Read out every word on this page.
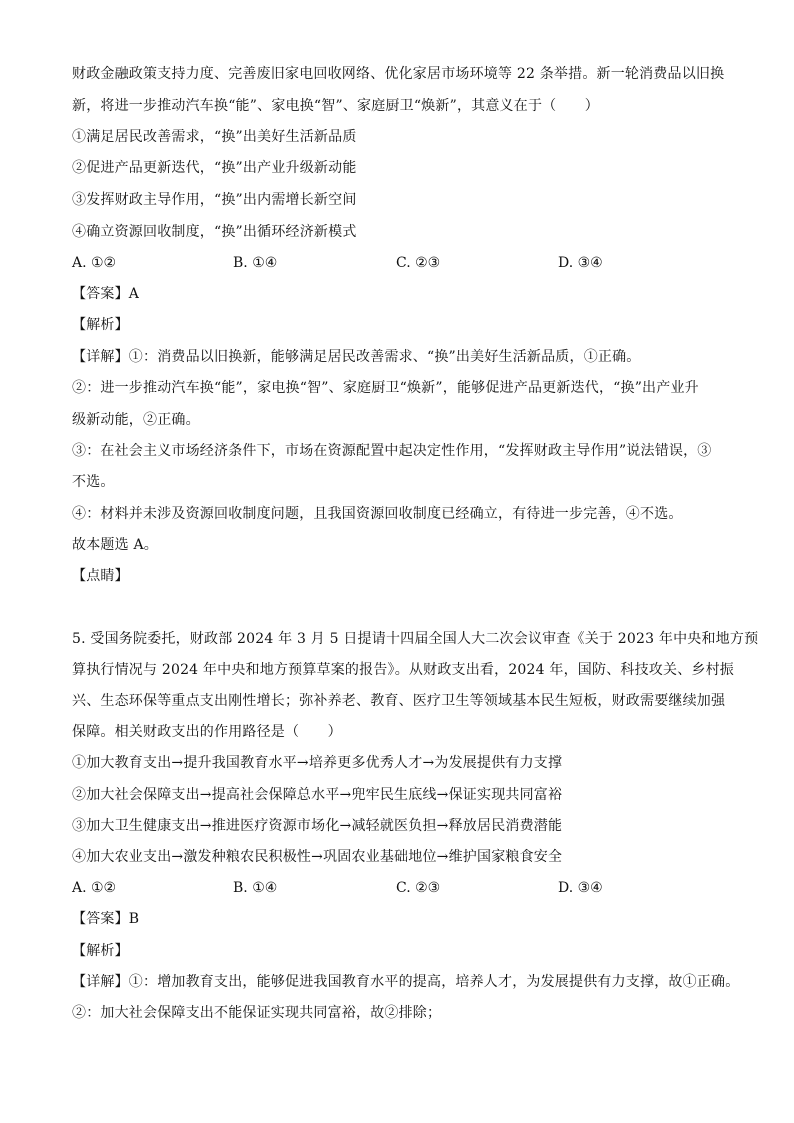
财政金融政策支持力度、完善废旧家电回收网络、优化家居市场环境等 22 条举措。新一轮消费品以旧换
新，将进一步推动汽车换“能”、家电换“智”、家庭厨卫“焕新”，其意义在于（　　）
①满足居民改善需求，“换”出美好生活新品质
②促进产品更新迭代，“换”出产业升级新动能
③发挥财政主导作用，“换”出内需增长新空间
④确立资源回收制度，“换”出循环经济新模式
A. ①②	B. ①④	C. ②③	D. ③④
【答案】A
【解析】
【详解】①：消费品以旧换新，能够满足居民改善需求、“换”出美好生活新品质，①正确。
②：进一步推动汽车换“能”，家电换“智”、家庭厨卫“焕新”，能够促进产品更新迭代，“换”出产业升
级新动能，②正确。
③：在社会主义市场经济条件下，市场在资源配置中起决定性作用，“发挥财政主导作用”说法错误，③
不选。
④：材料并未涉及资源回收制度问题，且我国资源回收制度已经确立，有待进一步完善，④不选。
故本题选 A。
【点睛】
5. 受国务院委托，财政部 2024 年 3 月 5 日提请十四届全国人大二次会议审查《关于 2023 年中央和地方预
算执行情况与 2024 年中央和地方预算草案的报告》。从财政支出看，2024 年，国防、科技攻关、乡村振
兴、生态环保等重点支出刚性增长；弥补养老、教育、医疗卫生等领域基本民生短板，财政需要继续加强
保障。相关财政支出的作用路径是（　　）
①加大教育支出→提升我国教育水平→培养更多优秀人才→为发展提供有力支撑
②加大社会保障支出→提高社会保障总水平→兜牢民生底线→保证实现共同富裕
③加大卫生健康支出→推进医疗资源市场化→减轻就医负担→释放居民消费潜能
④加大农业支出→激发种粮农民积极性→巩固农业基础地位→维护国家粮食安全
A. ①②	B. ①④	C. ②③	D. ③④
【答案】B
【解析】
【详解】①：增加教育支出，能够促进我国教育水平的提高，培养人才，为发展提供有力支撑，故①正确。
②：加大社会保障支出不能保证实现共同富裕，故②排除；
